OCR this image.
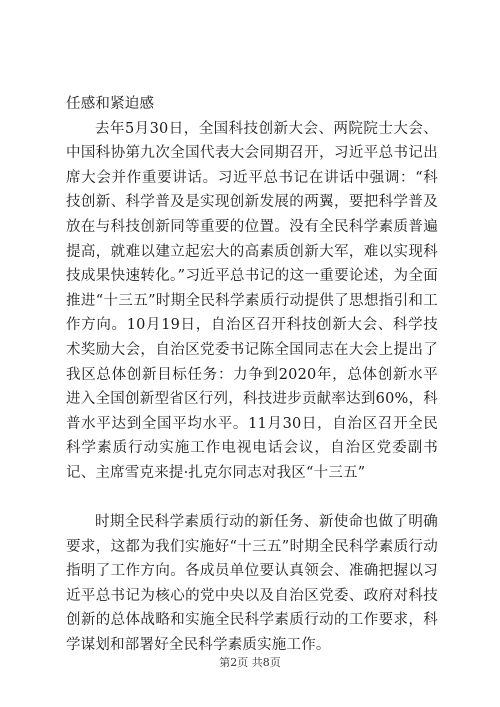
任感和紧迫感

去年5月30日，全国科技创新大会、两院院士大会、中国科协第九次全国代表大会同期召开，习近平总书记出席大会并作重要讲话。习近平总书记在讲话中强调：“科技创新、科学普及是实现创新发展的两翼，要把科学普及放在与科技创新同等重要的位置。没有全民科学素质普遍提高，就难以建立起宏大的高素质创新大军，难以实现科技成果快速转化。”习近平总书记的这一重要论述，为全面推进“十三五”时期全民科学素质行动提供了思想指引和工作方向。10月19日，自治区召开科技创新大会、科学技术奖励大会，自治区党委书记陈全国同志在大会上提出了我区总体创新目标任务：力争到2020年，总体创新水平进入全国创新型省区行列，科技进步贡献率达到60%，科普水平达到全国平均水平。11月30日，自治区召开全民科学素质行动实施工作电视电话会议，自治区党委副书记、主席雪克来提·扎克尔同志对我区“十三五”

时期全民科学素质行动的新任务、新使命也做了明确要求，这都为我们实施好“十三五”时期全民科学素质行动指明了工作方向。各成员单位要认真领会、准确把握以习近平总书记为核心的党中央以及自治区党委、政府对科技创新的总体战略和实施全民科学素质行动的工作要求，科学谋划和部署好全民科学素质实施工作。

第2页 共8页
